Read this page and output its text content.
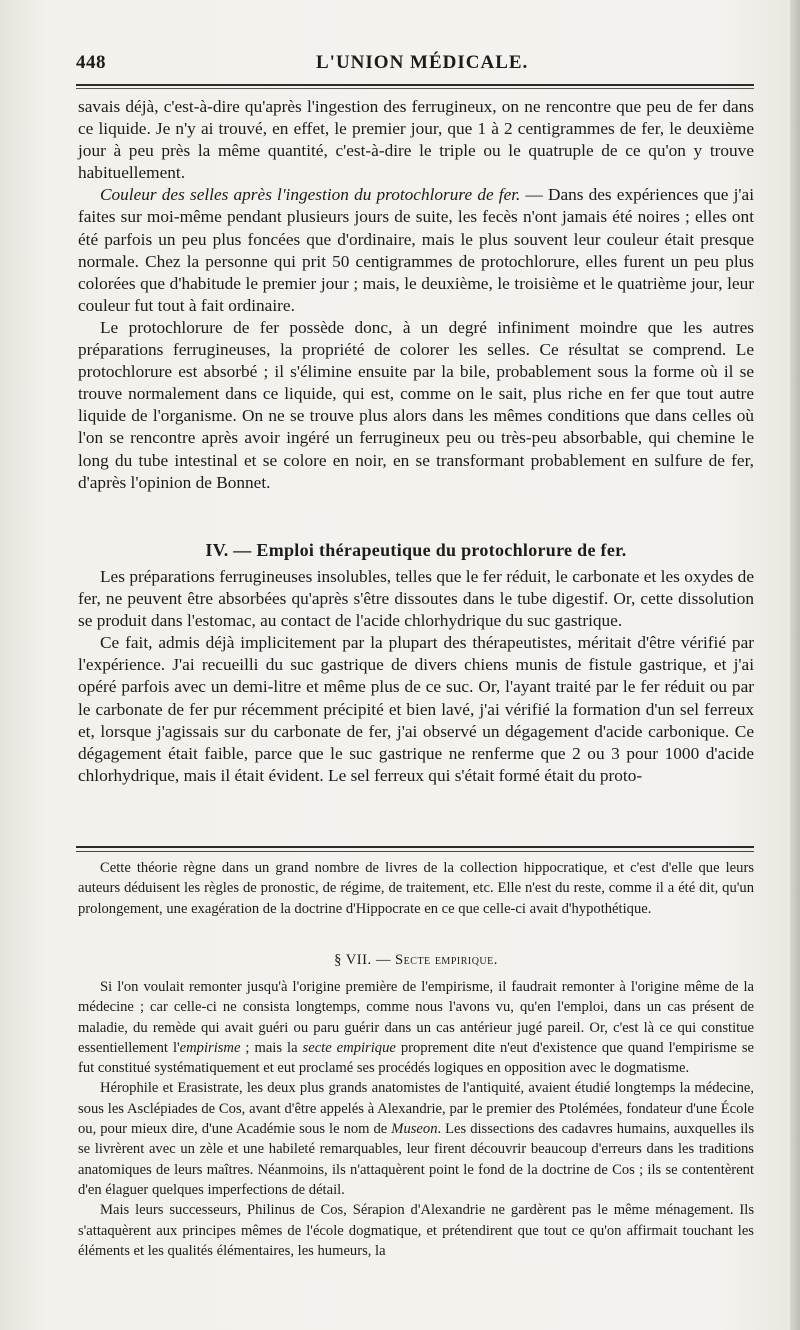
448	L'UNION MÉDICALE.

savais déjà, c'est-à-dire qu'après l'ingestion des ferrugineux, on ne rencontre que peu de fer dans ce liquide. Je n'y ai trouvé, en effet, le premier jour, que 1 à 2 centigrammes de fer, le deuxième jour à peu près la même quantité, c'est-à-dire le triple ou le quatruple de ce qu'on y trouve habituellement.

Couleur des selles après l'ingestion du protochlorure de fer. — Dans des expériences que j'ai faites sur moi-même pendant plusieurs jours de suite, les fecès n'ont jamais été noires ; elles ont été parfois un peu plus foncées que d'ordinaire, mais le plus souvent leur couleur était presque normale. Chez la personne qui prit 50 centigrammes de protochlorure, elles furent un peu plus colorées que d'habitude le premier jour ; mais, le deuxième, le troisième et le quatrième jour, leur couleur fut tout à fait ordinaire.

Le protochlorure de fer possède donc, à un degré infiniment moindre que les autres préparations ferrugineuses, la propriété de colorer les selles. Ce résultat se comprend. Le protochlorure est absorbé ; il s'élimine ensuite par la bile, probablement sous la forme où il se trouve normalement dans ce liquide, qui est, comme on le sait, plus riche en fer que tout autre liquide de l'organisme. On ne se trouve plus alors dans les mêmes conditions que dans celles où l'on se rencontre après avoir ingéré un ferrugineux peu ou très-peu absorbable, qui chemine le long du tube intestinal et se colore en noir, en se transformant probablement en sulfure de fer, d'après l'opinion de Bonnet.

IV. — Emploi thérapeutique du protochlorure de fer.

Les préparations ferrugineuses insolubles, telles que le fer réduit, le carbonate et les oxydes de fer, ne peuvent être absorbées qu'après s'être dissoutes dans le tube digestif. Or, cette dissolution se produit dans l'estomac, au contact de l'acide chlorhydrique du suc gastrique.

Ce fait, admis déjà implicitement par la plupart des thérapeutistes, méritait d'être vérifié par l'expérience. J'ai recueilli du suc gastrique de divers chiens munis de fistule gastrique, et j'ai opéré parfois avec un demi-litre et même plus de ce suc. Or, l'ayant traité par le fer réduit ou par le carbonate de fer pur récemment précipité et bien lavé, j'ai vérifié la formation d'un sel ferreux et, lorsque j'agissais sur du carbonate de fer, j'ai observé un dégagement d'acide carbonique. Ce dégagement était faible, parce que le suc gastrique ne renferme que 2 ou 3 pour 1000 d'acide chlorhydrique, mais il était évident. Le sel ferreux qui s'était formé était du proto-

Cette théorie règne dans un grand nombre de livres de la collection hippocratique, et c'est d'elle que leurs auteurs déduisent les règles de pronostic, de régime, de traitement, etc. Elle n'est du reste, comme il a été dit, qu'un prolongement, une exagération de la doctrine d'Hippocrate en ce que celle-ci avait d'hypothétique.

§ VII. — Secte empirique.

Si l'on voulait remonter jusqu'à l'origine première de l'empirisme, il faudrait remonter à l'origine même de la médecine ; car celle-ci ne consista longtemps, comme nous l'avons vu, qu'en l'emploi, dans un cas présent de maladie, du remède qui avait guéri ou paru guérir dans un cas antérieur jugé pareil. Or, c'est là ce qui constitue essentiellement l'empirisme ; mais la secte empirique proprement dite n'eut d'existence que quand l'empirisme se fut constitué systématiquement et eut proclamé ses procédés logiques en opposition avec le dogmatisme.

Hérophile et Erasistrate, les deux plus grands anatomistes de l'antiquité, avaient étudié longtemps la médecine, sous les Asclépiades de Cos, avant d'être appelés à Alexandrie, par le premier des Ptolémées, fondateur d'une École ou, pour mieux dire, d'une Académie sous le nom de Museon. Les dissections des cadavres humains, auxquelles ils se livrèrent avec un zèle et une habileté remarquables, leur firent découvrir beaucoup d'erreurs dans les traditions anatomiques de leurs maîtres. Néanmoins, ils n'attaquèrent point le fond de la doctrine de Cos ; ils se contentèrent d'en élaguer quelques imperfections de détail.

Mais leurs successeurs, Philinus de Cos, Sérapion d'Alexandrie ne gardèrent pas le même ménagement. Ils s'attaquèrent aux principes mêmes de l'école dogmatique, et prétendirent que tout ce qu'on affirmait touchant les éléments et les qualités élémentaires, les humeurs, la
